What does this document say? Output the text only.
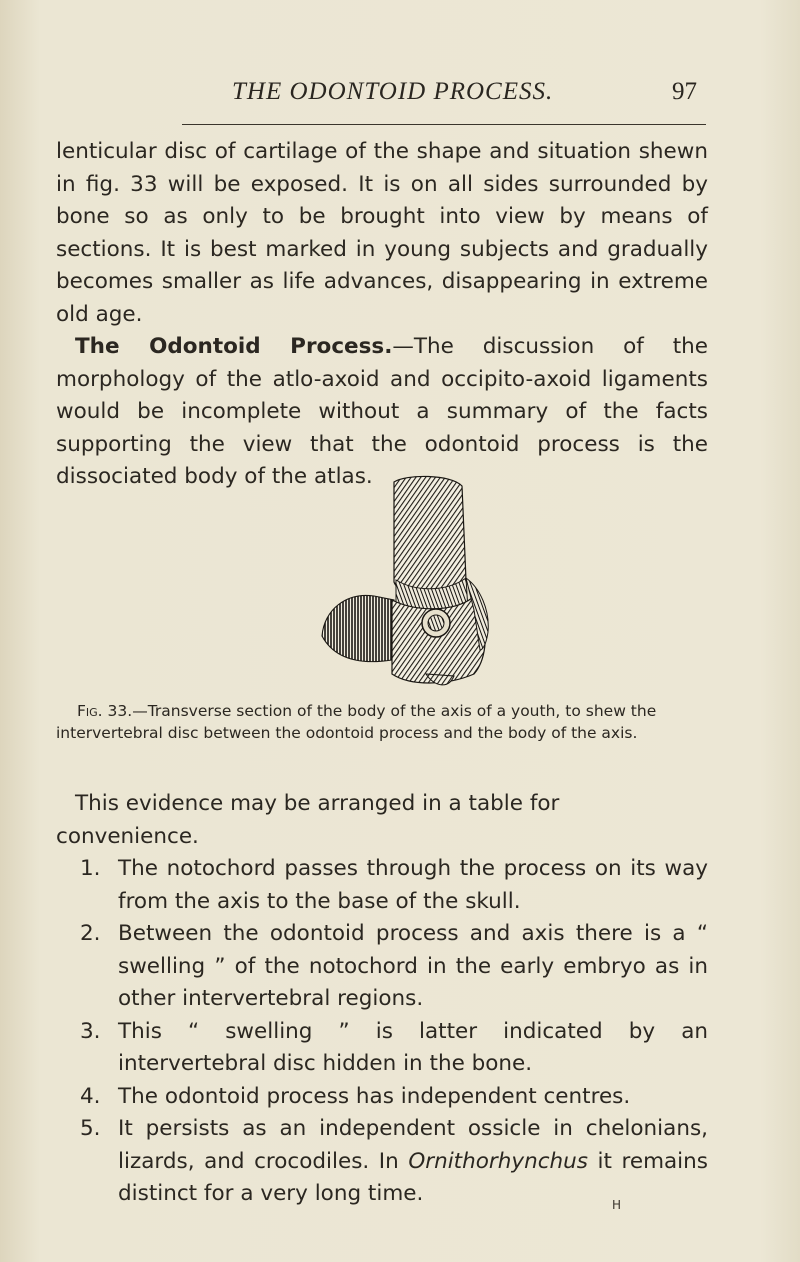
THE ODONTOID PROCESS.	97

lenticular disc of cartilage of the shape and situation shewn in fig. 33 will be exposed. It is on all sides surrounded by bone so as only to be brought into view by means of sections. It is best marked in young subjects and gradually becomes smaller as life advances, disappearing in extreme old age.

The Odontoid Process.—The discussion of the morphology of the atlo-axoid and occipito-axoid ligaments would be incomplete without a summary of the facts supporting the view that the odontoid process is the dissociated body of the atlas.

Fig. 33.—Transverse section of the body of the axis of a youth, to shew the intervertebral disc between the odontoid process and the body of the axis.

This evidence may be arranged in a table for convenience.

1. The notochord passes through the process on its way from the axis to the base of the skull.
2. Between the odontoid process and axis there is a “ swelling ” of the notochord in the early embryo as in other intervertebral regions.
3. This “ swelling ” is latter indicated by an intervertebral disc hidden in the bone.
4. The odontoid process has independent centres.
5. It persists as an independent ossicle in chelonians, lizards, and crocodiles. In Ornithorhynchus it remains distinct for a very long time.	H
